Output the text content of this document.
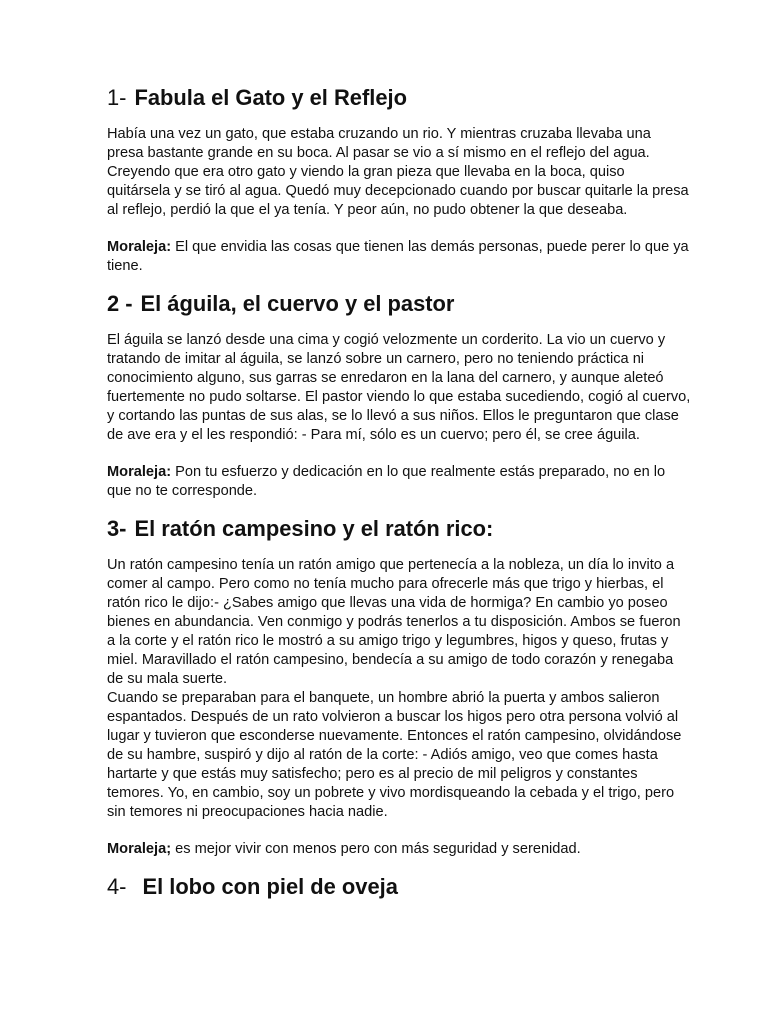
1- Fabula el Gato y el Reflejo

Había una vez un gato, que estaba cruzando un rio. Y mientras cruzaba llevaba una
presa bastante grande en su boca. Al pasar se vio a sí mismo en el reflejo del agua.
Creyendo que era otro gato y viendo la gran pieza que llevaba en la boca, quiso
quitársela y se tiró al agua. Quedó muy decepcionado cuando por buscar quitarle la presa
al reflejo, perdió la que el ya tenía. Y peor aún, no pudo obtener la que deseaba.

Moraleja: El que envidia las cosas que tienen las demás personas, puede perer lo que ya
tiene.

2 - El águila, el cuervo y el pastor

El águila se lanzó desde una cima y cogió velozmente un corderito. La vio un cuervo y
tratando de imitar al águila, se lanzó sobre un carnero, pero no teniendo práctica ni
conocimiento alguno, sus garras se enredaron en la lana del carnero, y aunque aleteó
fuertemente no pudo soltarse. El pastor viendo lo que estaba sucediendo, cogió al cuervo,
y cortando las puntas de sus alas, se lo llevó a sus niños. Ellos le preguntaron que clase
de ave era y el les respondió: - Para mí, sólo es un cuervo; pero él, se cree águila.

Moraleja: Pon tu esfuerzo y dedicación en lo que realmente estás preparado, no en lo
que no te corresponde.

3- El ratón campesino y el ratón rico:

Un ratón campesino tenía un ratón amigo que pertenecía a la nobleza, un día lo invito a
comer al campo. Pero como no tenía mucho para ofrecerle más que trigo y hierbas, el
ratón rico le dijo:- ¿Sabes amigo que llevas una vida de hormiga? En cambio yo poseo
bienes en abundancia. Ven conmigo y podrás tenerlos a tu disposición. Ambos se fueron
a la corte y el ratón rico le mostró a su amigo trigo y legumbres, higos y queso, frutas y
miel. Maravillado el ratón campesino, bendecía a su amigo de todo corazón y renegaba
de su mala suerte.
Cuando se preparaban para el banquete, un hombre abrió la puerta y ambos salieron
espantados. Después de un rato volvieron a buscar los higos pero otra persona volvió al
lugar y tuvieron que esconderse nuevamente. Entonces el ratón campesino, olvidándose
de su hambre, suspiró y dijo al ratón de la corte: - Adiós amigo, veo que comes hasta
hartarte y que estás muy satisfecho; pero es al precio de mil peligros y constantes
temores. Yo, en cambio, soy un pobrete y vivo mordisqueando la cebada y el trigo, pero
sin temores ni preocupaciones hacia nadie.

Moraleja; es mejor vivir con menos pero con más seguridad y serenidad.

4- El lobo con piel de oveja
